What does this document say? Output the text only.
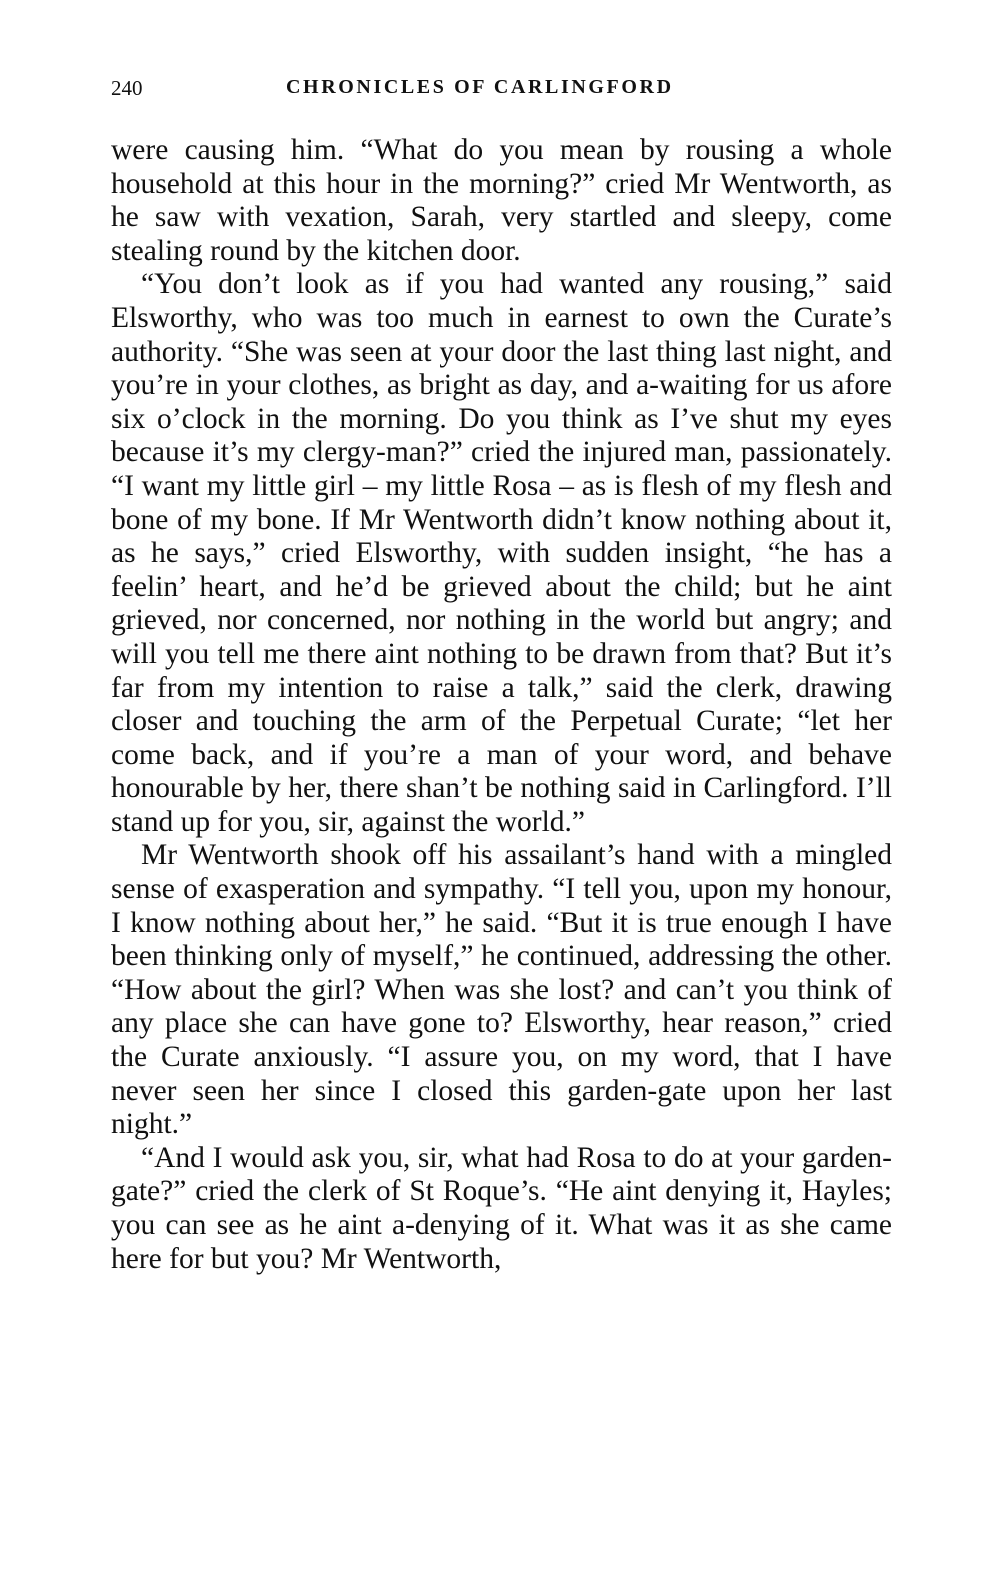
240	CHRONICLES OF CARLINGFORD

were causing him. “What do you mean by rousing a whole household at this hour in the morning?” cried Mr Wentworth, as he saw with vexation, Sarah, very startled and sleepy, come stealing round by the kitchen door.

“You don’t look as if you had wanted any rousing,” said Elsworthy, who was too much in earnest to own the Curate’s authority. “She was seen at your door the last thing last night, and you’re in your clothes, as bright as day, and a-waiting for us afore six o’clock in the morning. Do you think as I’ve shut my eyes because it’s my clergy-man?” cried the injured man, passionately. “I want my little girl – my little Rosa – as is flesh of my flesh and bone of my bone. If Mr Wentworth didn’t know nothing about it, as he says,” cried Elsworthy, with sudden insight, “he has a feelin’ heart, and he’d be grieved about the child; but he aint grieved, nor concerned, nor nothing in the world but angry; and will you tell me there aint nothing to be drawn from that? But it’s far from my intention to raise a talk,” said the clerk, drawing closer and touching the arm of the Perpetual Curate; “let her come back, and if you’re a man of your word, and behave honourable by her, there shan’t be nothing said in Carlingford. I’ll stand up for you, sir, against the world.”

Mr Wentworth shook off his assailant’s hand with a mingled sense of exasperation and sympathy. “I tell you, upon my honour, I know nothing about her,” he said. “But it is true enough I have been thinking only of myself,” he continued, addressing the other. “How about the girl? When was she lost? and can’t you think of any place she can have gone to? Elsworthy, hear reason,” cried the Curate anxiously. “I assure you, on my word, that I have never seen her since I closed this garden-gate upon her last night.”

“And I would ask you, sir, what had Rosa to do at your garden-gate?” cried the clerk of St Roque’s. “He aint denying it, Hayles; you can see as he aint a-denying of it. What was it as she came here for but you? Mr Wentworth,
